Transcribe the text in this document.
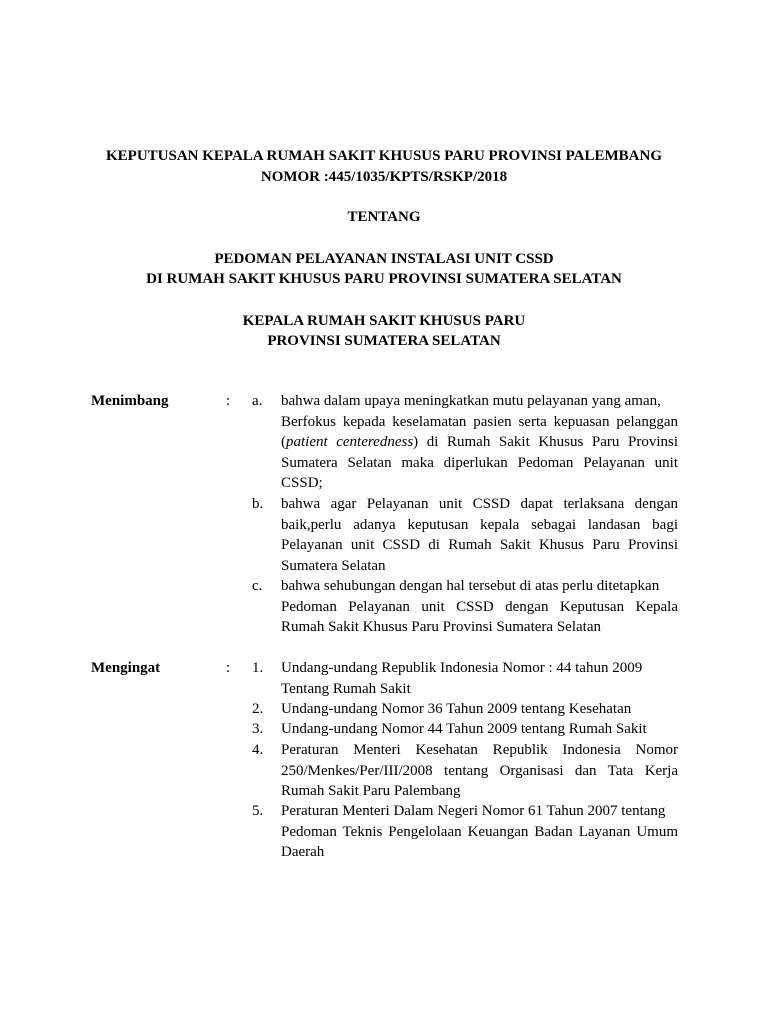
KEPUTUSAN KEPALA RUMAH SAKIT KHUSUS PARU PROVINSI PALEMBANG
NOMOR :445/1035/KPTS/RSKP/2018
TENTANG
PEDOMAN PELAYANAN INSTALASI UNIT CSSD
DI RUMAH SAKIT KHUSUS PARU PROVINSI SUMATERA SELATAN
KEPALA RUMAH SAKIT KHUSUS PARU
PROVINSI SUMATERA SELATAN
Menimbang	: a. bahwa dalam upaya meningkatkan mutu pelayanan yang aman,
Berfokus kepada keselamatan pasien serta kepuasan pelanggan
(patient centeredness) di Rumah Sakit Khusus Paru Provinsi
Sumatera Selatan maka diperlukan Pedoman Pelayanan unit
CSSD;
b. bahwa agar Pelayanan unit CSSD dapat terlaksana dengan
baik,perlu adanya keputusan kepala sebagai landasan bagi
Pelayanan unit CSSD di Rumah Sakit Khusus Paru Provinsi
Sumatera Selatan
c. bahwa sehubungan dengan hal tersebut di atas perlu ditetapkan
Pedoman Pelayanan unit CSSD dengan Keputusan Kepala
Rumah Sakit Khusus Paru Provinsi Sumatera Selatan
Mengingat	: 1. Undang-undang Republik Indonesia Nomor : 44 tahun 2009
Tentang Rumah Sakit
2. Undang-undang Nomor 36 Tahun 2009 tentang Kesehatan
3. Undang-undang Nomor 44 Tahun 2009 tentang Rumah Sakit
4. Peraturan Menteri Kesehatan Republik Indonesia Nomor
250/Menkes/Per/III/2008 tentang Organisasi dan Tata Kerja
Rumah Sakit Paru Palembang
5. Peraturan Menteri Dalam Negeri Nomor 61 Tahun 2007 tentang
Pedoman Teknis Pengelolaan Keuangan Badan Layanan Umum
Daerah
